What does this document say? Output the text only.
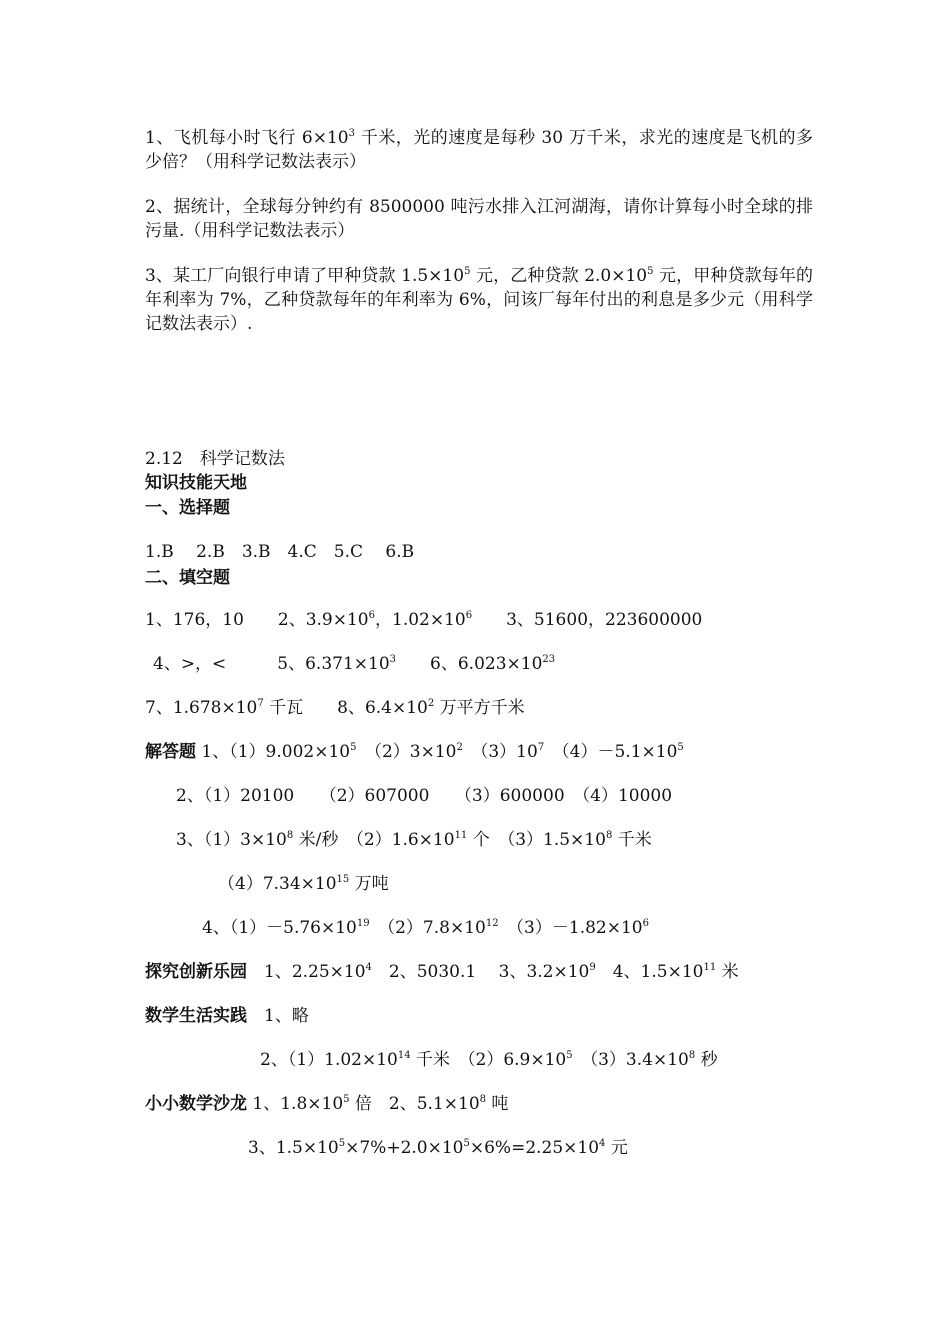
1、飞机每小时飞行 $6\times 10^3$ 千米，光的速度是每秒 30 万千米，求光的速度是飞机的多少倍？（用科学记数法表示）
2、据统计，全球每分钟约有 8500000 吨污水排入江河湖海，请你计算每小时全球的排污量.（用科学记数法表示）
3、某工厂向银行申请了甲种贷款 $1.5\times 10^5$ 元，乙种贷款 $2.0\times 10^5$ 元，甲种贷款每年的年利率为 7%，乙种贷款每年的年利率为 6%，问该厂每年付出的利息是多少元（用科学记数法表示）.
2.12　科学记数法
知识技能天地
一、选择题
1.B　 2.B　3.B　4.C　5.C　 6.B
二、填空题
1、176，10　　2、$3.9\times 10^6$，$1.02\times 10^6$　　3、51600，223600000
4、>，<　　　5、$6.371\times 10^3$　　6、$6.023\times 10^{23}$
7、$1.678\times 10^7$ 千瓦　　8、$6.4\times 10^2$ 万平方千米
解答题 1、$(1)9.002\times 10^5$　$(2)3\times 10^2$　$(3)10^7$　$(4)-5.1\times 10^5$
2、（1）20100　　（2）607000　　（3）600000　（4）10000
3、$(1)3\times 10^8$ 米/秒　$(2)1.6\times 10^{11}$ 个　$(3)1.5\times 10^8$ 千米
$(4)7.34\times 10^{15}$ 万吨
4、$(1)-5.76\times 10^{19}$　$(2)7.8\times 10^{12}$　$(3)-1.82\times 10^6$
探究创新乐园　1、$2.25\times 10^4$　2、5030.1　 3、$3.2\times 10^9$　4、$1.5\times 10^{11}$ 米
数学生活实践　1、略
2、$(1)1.02\times 10^{14}$ 千米　$(2)6.9\times 10^5$　$(3)3.4\times 10^8$ 秒
小小数学沙龙 1、$1.8\times 10^5$ 倍　2、$5.1\times 10^8$ 吨
3、$1.5\times 10^5\times 7\%+2.0\times 10^5\times 6\%=2.25\times 10^4$ 元
